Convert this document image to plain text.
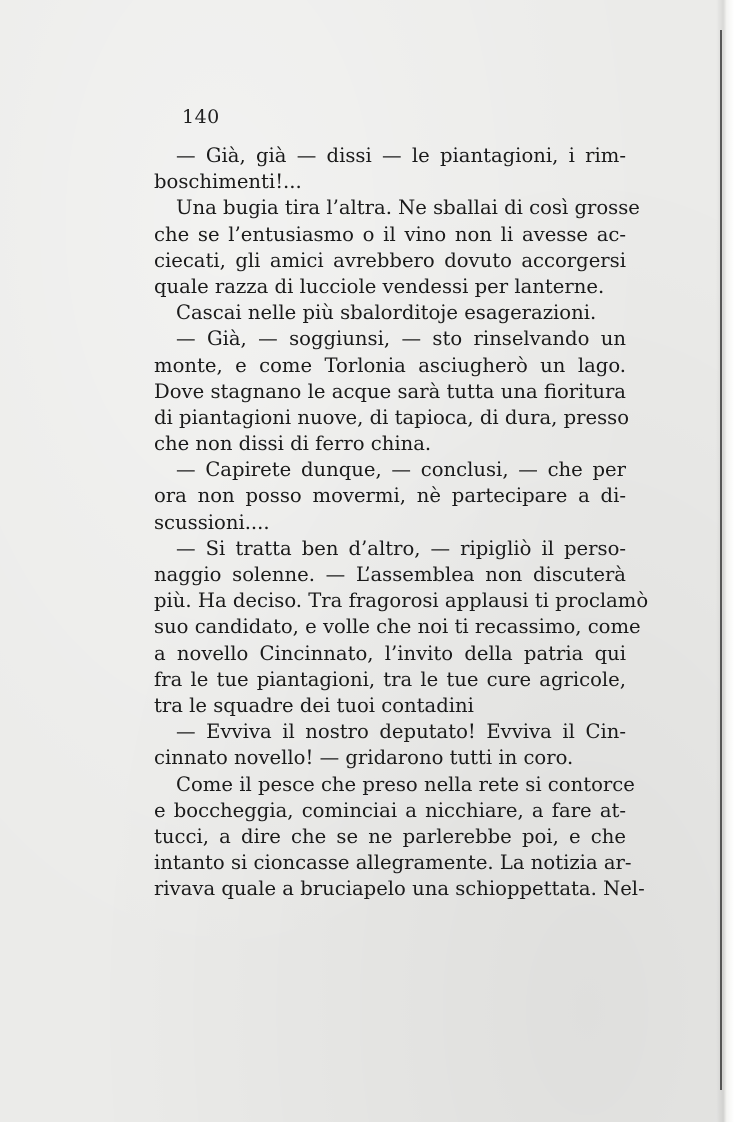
140
— Già, già — dissi — le piantagioni, i rim-
boschimenti!...
Una bugia tira l’altra. Ne sballai di così grosse
che se l’entusiasmo o il vino non li avesse ac-
ciecati, gli amici avrebbero dovuto accorgersi
quale razza di lucciole vendessi per lanterne.
Cascai nelle più sbalorditoje esagerazioni.
— Già, — soggiunsi, — sto rinselvando un
monte, e come Torlonia asciugherò un lago.
Dove stagnano le acque sarà tutta una fioritura
di piantagioni nuove, di tapioca, di dura, presso
che non dissi di ferro china.
— Capirete dunque, — conclusi, — che per
ora non posso movermi, nè partecipare a di-
scussioni....
— Si tratta ben d’altro, — ripigliò il perso-
naggio solenne. — L’assemblea non discuterà
più. Ha deciso. Tra fragorosi applausi ti proclamò
suo candidato, e volle che noi ti recassimo, come
a novello Cincinnato, l’invito della patria qui
fra le tue piantagioni, tra le tue cure agricole,
tra le squadre dei tuoi contadini
— Evviva il nostro deputato! Evviva il Cin-
cinnato novello! — gridarono tutti in coro.
Come il pesce che preso nella rete si contorce
e boccheggia, cominciai a nicchiare, a fare at-
tucci, a dire che se ne parlerebbe poi, e che
intanto si cioncasse allegramente. La notizia ar-
rivava quale a bruciapelo una schioppettata. Nel-
